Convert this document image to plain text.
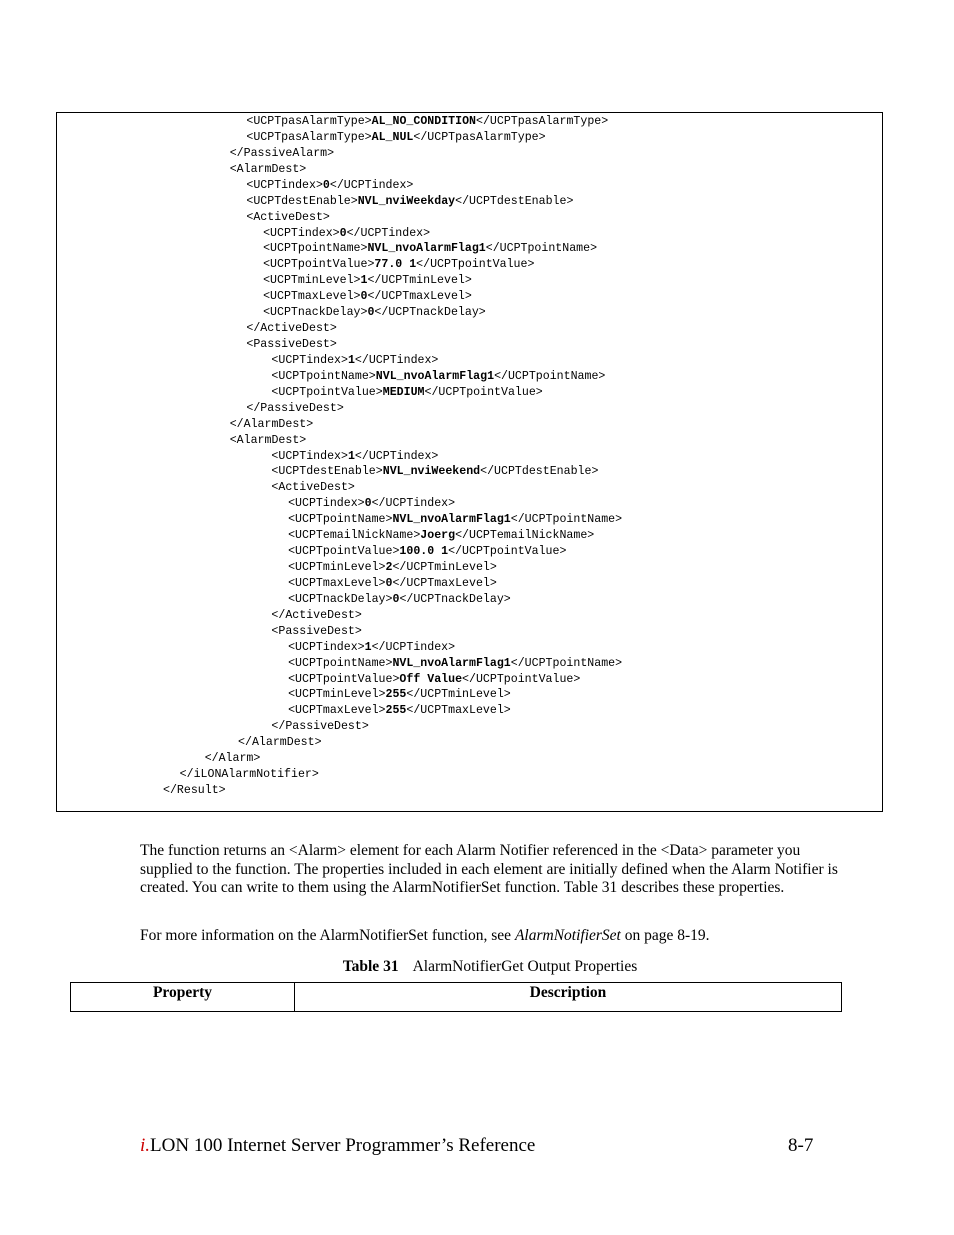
<UCPTpasAlarmType>AL_NO_CONDITION</UCPTpasAlarmType>
<UCPTpasAlarmType>AL_NUL</UCPTpasAlarmType>
</PassiveAlarm>
<AlarmDest>
<UCPTindex>0</UCPTindex>
<UCPTdestEnable>NVL_nviWeekday</UCPTdestEnable>
<ActiveDest>
<UCPTindex>0</UCPTindex>
<UCPTpointName>NVL_nvoAlarmFlag1</UCPTpointName>
<UCPTpointValue>77.0 1</UCPTpointValue>
<UCPTminLevel>1</UCPTminLevel>
<UCPTmaxLevel>0</UCPTmaxLevel>
<UCPTnackDelay>0</UCPTnackDelay>
</ActiveDest>
<PassiveDest>
<UCPTindex>1</UCPTindex>
<UCPTpointName>NVL_nvoAlarmFlag1</UCPTpointName>
<UCPTpointValue>MEDIUM</UCPTpointValue>
</PassiveDest>
</AlarmDest>
<AlarmDest>
<UCPTindex>1</UCPTindex>
<UCPTdestEnable>NVL_nviWeekend</UCPTdestEnable>
<ActiveDest>
<UCPTindex>0</UCPTindex>
<UCPTpointName>NVL_nvoAlarmFlag1</UCPTpointName>
<UCPTemailNickName>Joerg</UCPTemailNickName>
<UCPTpointValue>100.0 1</UCPTpointValue>
<UCPTminLevel>2</UCPTminLevel>
<UCPTmaxLevel>0</UCPTmaxLevel>
<UCPTnackDelay>0</UCPTnackDelay>
</ActiveDest>
<PassiveDest>
<UCPTindex>1</UCPTindex>
<UCPTpointName>NVL_nvoAlarmFlag1</UCPTpointName>
<UCPTpointValue>Off Value</UCPTpointValue>
<UCPTminLevel>255</UCPTminLevel>
<UCPTmaxLevel>255</UCPTmaxLevel>
</PassiveDest>
</AlarmDest>
</Alarm>
</iLONAlarmNotifier>
</Result>
The function returns an <Alarm> element for each Alarm Notifier referenced in the <Data> parameter you supplied to the function. The properties included in each element are initially defined when the Alarm Notifier is created. You can write to them using the AlarmNotifierSet function. Table 31 describes these properties.
For more information on the AlarmNotifierSet function, see AlarmNotifierSet on page 8-19.
Table 31 AlarmNotifierGet Output Properties
Property	Description
i.LON 100 Internet Server Programmer’s Reference	8-7
